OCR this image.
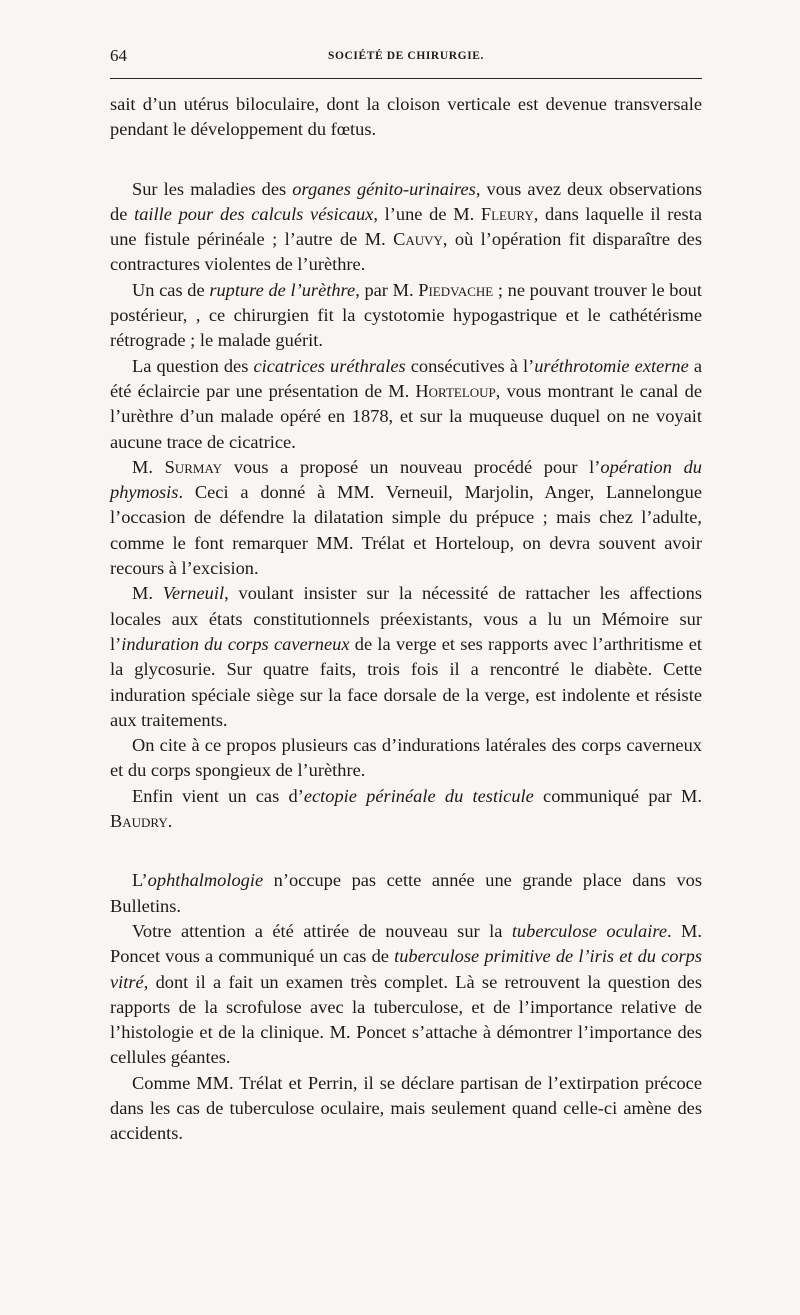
64	SOCIÉTÉ DE CHIRURGIE.

sait d’un utérus biloculaire, dont la cloison verticale est devenue transversale pendant le développement du fœtus.

Sur les maladies des organes génito-urinaires, vous avez deux observations de taille pour des calculs vésicaux, l’une de M. Fleury, dans laquelle il resta une fistule périnéale ; l’autre de M. Cauvy, où l’opération fit disparaître des contractures violentes de l’urèthre.

Un cas de rupture de l’urèthre, par M. Piedvache ; ne pouvant trouver le bout postérieur, , ce chirurgien fit la cystotomie hypogastrique et le cathétérisme rétrograde ; le malade guérit.

La question des cicatrices uréthrales consécutives à l’uréthrotomie externe a été éclaircie par une présentation de M. Horteloup, vous montrant le canal de l’urèthre d’un malade opéré en 1878, et sur la muqueuse duquel on ne voyait aucune trace de cicatrice.

M. Surmay vous a proposé un nouveau procédé pour l’opération du phymosis. Ceci a donné à MM. Verneuil, Marjolin, Anger, Lannelongue l’occasion de défendre la dilatation simple du prépuce ; mais chez l’adulte, comme le font remarquer MM. Trélat et Horteloup, on devra souvent avoir recours à l’excision.

M. Verneuil, voulant insister sur la nécessité de rattacher les affections locales aux états constitutionnels préexistants, vous a lu un Mémoire sur l’induration du corps caverneux de la verge et ses rapports avec l’arthritisme et la glycosurie. Sur quatre faits, trois fois il a rencontré le diabète. Cette induration spéciale siège sur la face dorsale de la verge, est indolente et résiste aux traitements.

On cite à ce propos plusieurs cas d’indurations latérales des corps caverneux et du corps spongieux de l’urèthre.

Enfin vient un cas d’ectopie périnéale du testicule communiqué par M. Baudry.

L’ophthalmologie n’occupe pas cette année une grande place dans vos Bulletins.

Votre attention a été attirée de nouveau sur la tuberculose oculaire. M. Poncet vous a communiqué un cas de tuberculose primitive de l’iris et du corps vitré, dont il a fait un examen très complet. Là se retrouvent la question des rapports de la scrofulose avec la tuberculose, et de l’importance relative de l’histologie et de la clinique. M. Poncet s’attache à démontrer l’importance des cellules géantes.

Comme MM. Trélat et Perrin, il se déclare partisan de l’extirpation précoce dans les cas de tuberculose oculaire, mais seulement quand celle-ci amène des accidents.
